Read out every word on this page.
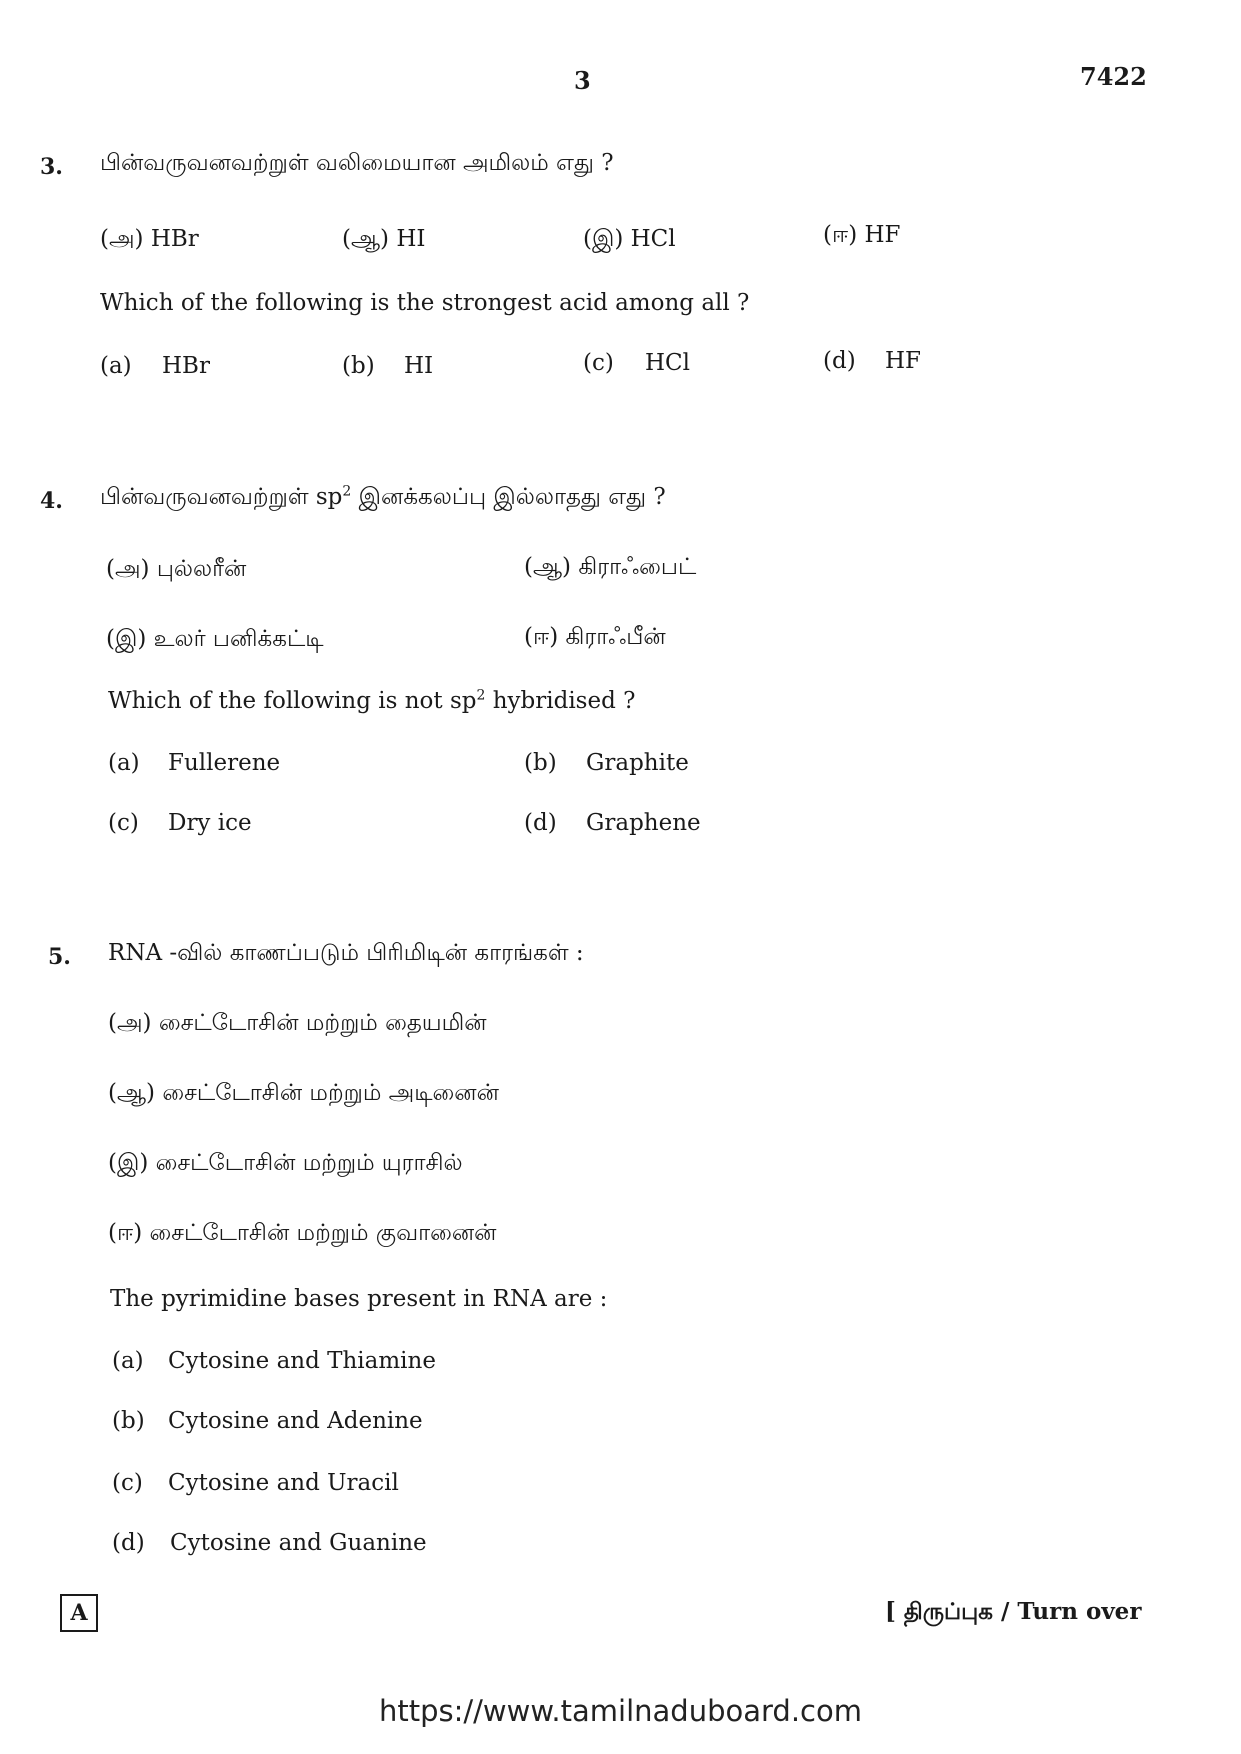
3	7422
3. பின்வருவனவற்றுள் வலிமையான அமிலம் எது ?
(அ) HBr	(ஆ) HI	(இ) HCl	(ஈ) HF
Which of the following is the strongest acid among all ?
(a) HBr	(b) HI	(c) HCl	(d) HF
4. பின்வருவனவற்றுள் $sp^2$ இனக்கலப்பு இல்லாதது எது ?
(அ) புல்லரீன்	(ஆ) கிராஃபைட்
(இ) உலர் பனிக்கட்டி	(ஈ) கிராஃபீன்
Which of the following is not $sp^2$ hybridised ?
(a) Fullerene	(b) Graphite
(c) Dry ice	(d) Graphene
5. RNA -வில் காணப்படும் பிரிமிடின் காரங்கள் :
(அ) சைட்டோசின் மற்றும் தையமின்
(ஆ) சைட்டோசின் மற்றும் அடினைன்
(இ) சைட்டோசின் மற்றும் யுராசில்
(ஈ) சைட்டோசின் மற்றும் குவானைன்
The pyrimidine bases present in RNA are :
(a) Cytosine and Thiamine
(b) Cytosine and Adenine
(c) Cytosine and Uracil
(d) Cytosine and Guanine
A	[ திருப்புக / Turn over
https://www.tamilnaduboard.com
